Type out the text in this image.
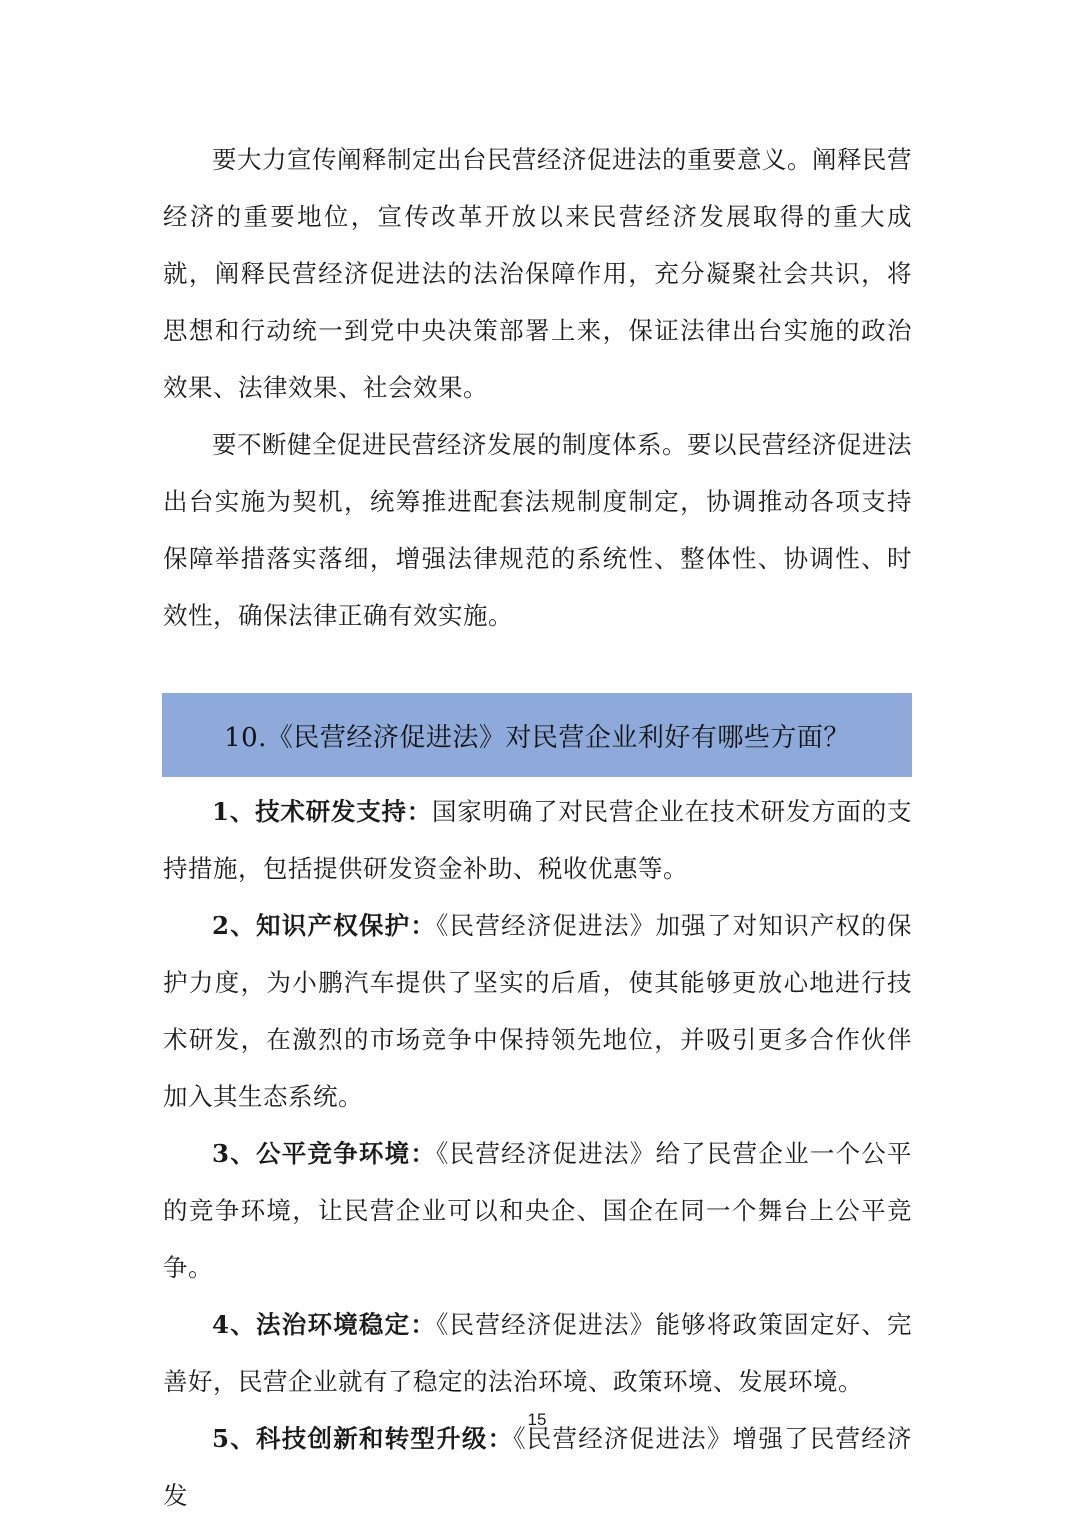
要大力宣传阐释制定出台民营经济促进法的重要意义。阐释民营经济的重要地位，宣传改革开放以来民营经济发展取得的重大成就，阐释民营经济促进法的法治保障作用，充分凝聚社会共识，将思想和行动统一到党中央决策部署上来，保证法律出台实施的政治效果、法律效果、社会效果。

要不断健全促进民营经济发展的制度体系。要以民营经济促进法出台实施为契机，统筹推进配套法规制度制定，协调推动各项支持保障举措落实落细，增强法律规范的系统性、整体性、协调性、时效性，确保法律正确有效实施。

10.《民营经济促进法》对民营企业利好有哪些方面？

1、技术研发支持：国家明确了对民营企业在技术研发方面的支持措施，包括提供研发资金补助、税收优惠等。

2、知识产权保护：《民营经济促进法》加强了对知识产权的保护力度，为小鹏汽车提供了坚实的后盾，使其能够更放心地进行技术研发，在激烈的市场竞争中保持领先地位，并吸引更多合作伙伴加入其生态系统。

3、公平竞争环境：《民营经济促进法》给了民营企业一个公平的竞争环境，让民营企业可以和央企、国企在同一个舞台上公平竞争。

4、法治环境稳定：《民营经济促进法》能够将政策固定好、完善好，民营企业就有了稳定的法治环境、政策环境、发展环境。

5、科技创新和转型升级：《民营经济促进法》增强了民营经济发

15
